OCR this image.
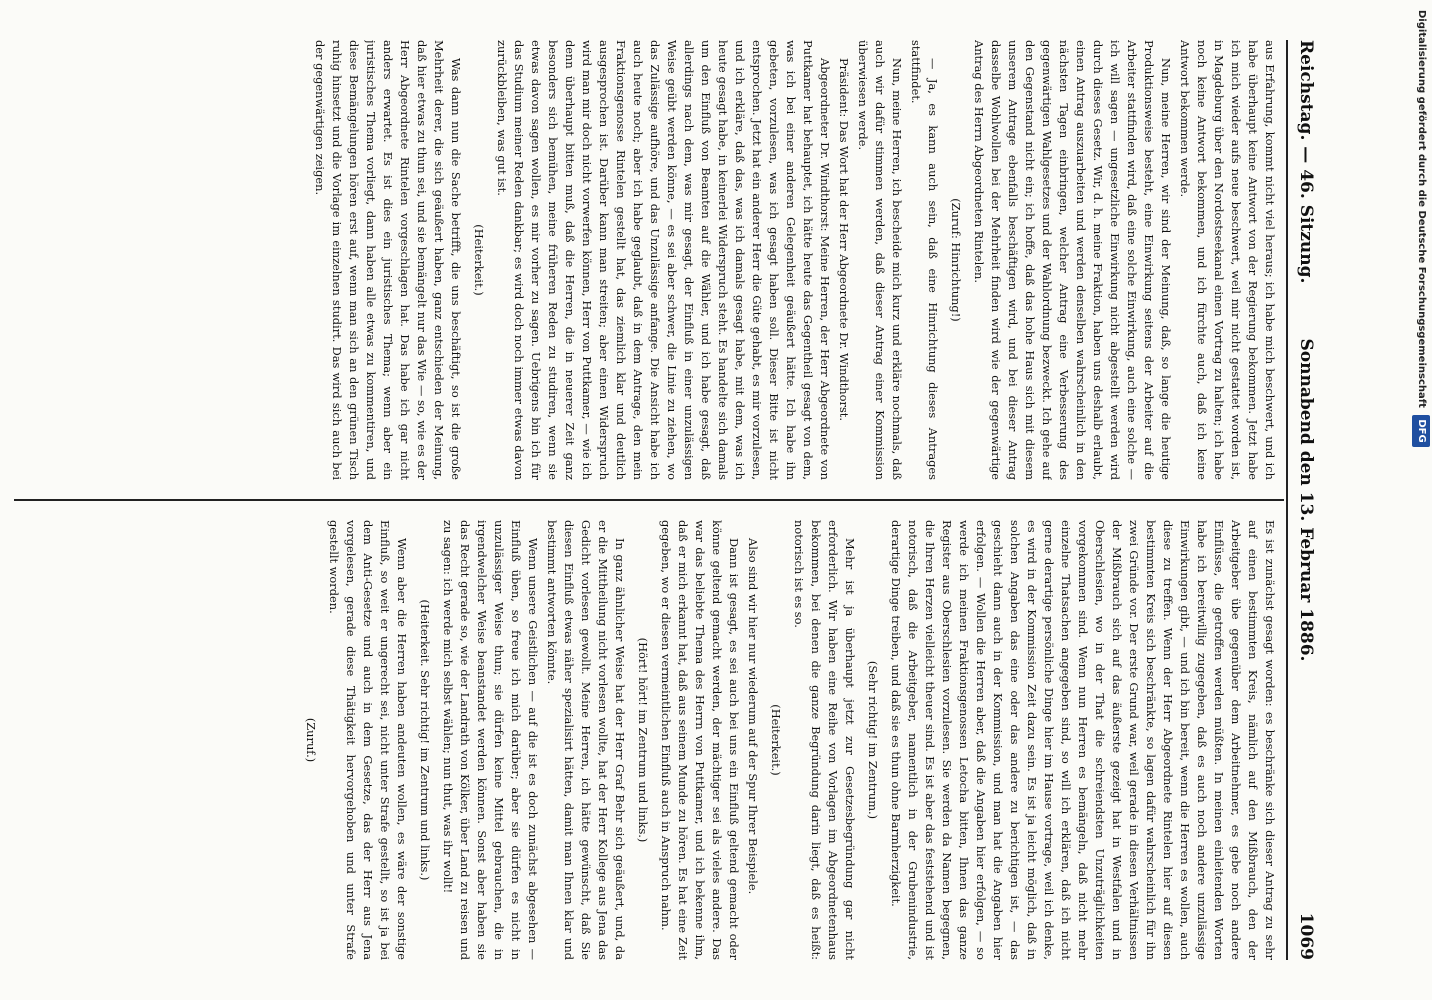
Reichstag. — 46. Sitzung.
Sonnabend den 13. Februar 1886.
1069

aus Erfahrung, kommt nicht viel heraus; ich habe mich beschwert, und ich habe überhaupt keine Antwort von der Regierung bekommen. Jetzt habe ich mich wieder aufs neue beschwert, weil mir nicht gestattet worden ist, in Magdeburg über den Nordostseekanal einen Vortrag zu halten; ich habe noch keine Antwort bekommen, und ich fürchte auch, daß ich keine Antwort bekommen werde.

Nun, meine Herren, wir sind der Meinung, daß, so lange die heutige Produktionsweise besteht, eine Einwirkung seitens der Arbeiter auf die Arbeiter stattfinden wird, daß eine solche Einwirkung, auch eine solche — ich will sagen — ungesetzliche Einwirkung nicht abgestellt werden wird durch dieses Gesetz. Wir, d. h. meine Fraktion, haben uns deshalb erlaubt, einen Antrag auszuarbeiten und werden denselben wahrscheinlich in den nächsten Tagen einbringen, welcher Antrag eine Verbesserung des gegenwärtigen Wahlgesetzes und der Wahlordnung bezweckt. Ich gehe auf den Gegenstand nicht ein; ich hoffe, daß das hohe Haus sich mit diesem unserem Antrage ebenfalls beschäftigen wird, und bei dieser Antrag dasselbe Wohlwollen bei der Mehrheit finden wird wie der gegenwärtige Antrag des Herrn Abgeordneten Rintelen.

(Zuruf: Hinrichtung!)

— Ja, es kann auch sein, daß eine Hinrichtung dieses Antrages stattfindet.

Nun, meine Herren, ich bescheide mich kurz und erkläre nochmals, daß auch wir dafür stimmen werden, daß dieser Antrag einer Kommission überwiesen werde.

Präsident: Das Wort hat der Herr Abgeordnete Dr. Windthorst.

Abgeordneter Dr. Windthorst: Meine Herren, der Herr Abgeordnete von Puttkamer hat behauptet, ich hätte heute das Gegentheil gesagt von dem, was ich bei einer anderen Gelegenheit geäußert hätte. Ich habe ihn gebeten, vorzulesen, was ich gesagt haben soll. Dieser Bitte ist nicht entsprochen. Jetzt hat ein anderer Herr die Güte gehabt, es mir vorzulesen, und ich erkläre, daß das, was ich damals gesagt habe, mit dem, was ich heute gesagt habe, in keinerlei Widerspruch steht. Es handelte sich damals um den Einfluß von Beamten auf die Wähler, und ich habe gesagt, daß allerdings nach dem, was mir gesagt, der Einfluß in einer unzulässigen Weise geübt werden könne, — es sei aber schwer, die Linie zu ziehen, wo das Zulässige aufhöre, und das Unzulässige anfange. Die Ansicht habe ich auch heute noch; aber ich habe geglaubt, daß in dem Antrage, den mein Fraktionsgenosse Rintelen gestellt hat, das ziemlich klar und deutlich ausgesprochen ist. Darüber kann man streiten; aber einen Widerspruch wird man mir doch nicht vorwerfen können, Herr von Puttkamer, — wie ich denn überhaupt bitten muß, daß die Herren, die in neuerer Zeit ganz besonders sich bemühen, meine früheren Reden zu studiren, wenn sie etwas davon sagen wollen, es mir vorher zu sagen. Uebrigens bin ich für das Studium meiner Reden dankbar; es wird doch noch immer etwas davon zurückbleiben, was gut ist.

(Heiterkeit.)

Was dann nun die Sache betrifft, die uns beschäftigt, so ist die große Mehrheit derer, die sich geäußert haben, ganz entschieden der Meinung, daß hier etwas zu thun sei, und sie bemängelt nur das Wie — so, wie es der Herr Abgeordnete Rintelen vorgeschlagen hat. Das habe ich gar nicht anders erwartet. Es ist dies ein juristisches Thema; wenn aber ein juristisches Thema vorliegt, dann haben alle etwas zu kommentiren, und diese Bemängelungen hören erst auf, wenn man sich an den grünen Tisch ruhig hinsetzt und die Vorlage im einzelnen studirt. Das wird sich auch bei der gegenwärtigen zeigen.

Es ist zunächst gesagt worden: es beschränke sich dieser Antrag zu sehr auf einen bestimmten Kreis, nämlich auf den Mißbrauch, den der Arbeitgeber übe gegenüber dem Arbeitnehmer, es gebe noch andere Einflüsse, die getroffen werden müßten. In meinen einleitenden Worten habe ich bereitwillig zugegeben, daß es auch noch andere unzulässige Einwirkungen gibt, — und ich bin bereit, wenn die Herren es wollen, auch diese zu treffen. Wenn der Herr Abgeordnete Rintelen hier auf diesen bestimmten Kreis sich beschränkte, so lagen dafür wahrscheinlich für ihn zwei Gründe vor. Der erste Grund war, weil gerade in diesen Verhältnissen der Mißbrauch sich auf das äußerste gezeigt hat in Westfalen und in Oberschlesien, wo in der That die schreiendsten Unzuträglichkeiten vorgekommen sind. Wenn nun Herren es bemängeln, daß nicht mehr einzelne Thatsachen angegeben sind, so will ich erklären, daß ich nicht gerne derartige persönliche Dinge hier im Hause vortrage, weil ich denke, es wird in der Kommission Zeit dazu sein. Es ist ja leicht möglich, daß in solchen Angaben das eine oder das andere zu berichtigen ist, — das geschieht dann auch in der Kommission, und man hat die Angaben hier erfolgen. — Wollen die Herren aber, daß die Angaben hier erfolgen, — so werde ich meinen Fraktionsgenossen Letocha bitten, Ihnen das ganze Register aus Oberschlesien vorzulesen. Sie werden da Namen begegnen, die Ihren Herzen vielleicht theuer sind. Es ist aber das feststehend und ist notorisch, daß die Arbeitgeber, namentlich in der Grubenindustrie, derartige Dinge treiben, und daß sie es thun ohne Barmherzigkeit.

(Sehr richtig! im Zentrum.)

Mehr ist ja überhaupt jetzt zur Gesetzesbegründung gar nicht erforderlich. Wir haben eine Reihe von Vorlagen im Abgeordnetenhaus bekommen, bei denen die ganze Begründung darin liegt, daß es heißt: notorisch ist es so.

(Heiterkeit.)

Also sind wir hier nur wiederum auf der Spur Ihrer Beispiele.

Dann ist gesagt, es sei auch bei uns ein Einfluß geltend gemacht oder könne geltend gemacht werden, der mächtiger sei als vieles andere. Das war das beliebte Thema des Herrn von Puttkamer, und ich bekenne ihm, daß er mich erkannt hat, daß aus seinem Munde zu hören. Es hat eine Zeit gegeben, wo er diesen vermeintlichen Einfluß auch in Anspruch nahm.

(Hört! hört! im Zentrum und links.)

In ganz ähnlicher Weise hat der Herr Graf Behr sich geäußert, und, da er die Mittheilung nicht vorlesen wollte, hat der Herr Kollege aus Jena das Gedicht vorlesen gewollt. Meine Herren, ich hätte gewünscht, daß Sie diesen Einfluß etwas näher spezialisirt hätten, damit man Ihnen klar und bestimmt antworten könnte.

Wenn unsere Geistlichen — auf die ist es doch zunächst abgesehen — Einfluß üben, so freue ich mich darüber; aber sie dürfen es nicht in unzulässiger Weise thun; sie dürfen keine Mittel gebrauchen, die in irgendwelcher Weise beanstandet werden können. Sonst aber haben sie das Recht gerade so, wie der Landrath von Kölker, über Land zu reisen und zu sagen: ich werde mich selbst wählen; nun thut, was ihr wollt!

(Heiterkeit. Sehr richtig! im Zentrum und links.)

Wenn aber die Herren haben andeuten wollen, es wäre der sonstige Einfluß, so weit er ungerecht sei, nicht unter Strafe gestellt, so ist ja bei dem Anti-Gesetze und auch in dem Gesetze, das der Herr aus Jena vorgelesen, gerade diese Thätigkeit hervorgehoben und unter Strafe gestellt worden.

(Zuruf.)

Digitalisierung gefördert durch die Deutsche Forschungsgemeinschaft DFG
